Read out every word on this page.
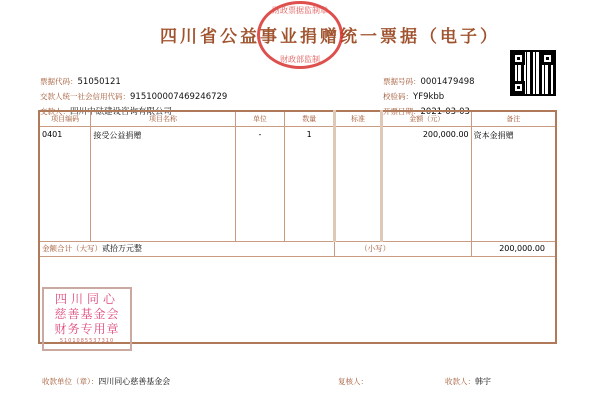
四川省公益事业捐赠统一票据（电子）
财政票据监制章
财政部监制
票据代码：51050121
交款人统一社会信用代码：915100007469246729
交款人：四川中砝建设咨询有限公司
票据号码：0001479498
校验码：YF9kbb
开票日期：2021-03-03
项目编码	项目名称	单位	数量	标准	金额（元）	备注
0401	接受公益捐赠	-	1		200,000.00	资本金捐赠
金额合计（大写）贰拾万元整				（小写）		200,000.00

四川同心
慈善基金会
财务专用章
5101085537310
收款单位（章）：四川同心慈善基金会	复核人：	收款人：韩宇
